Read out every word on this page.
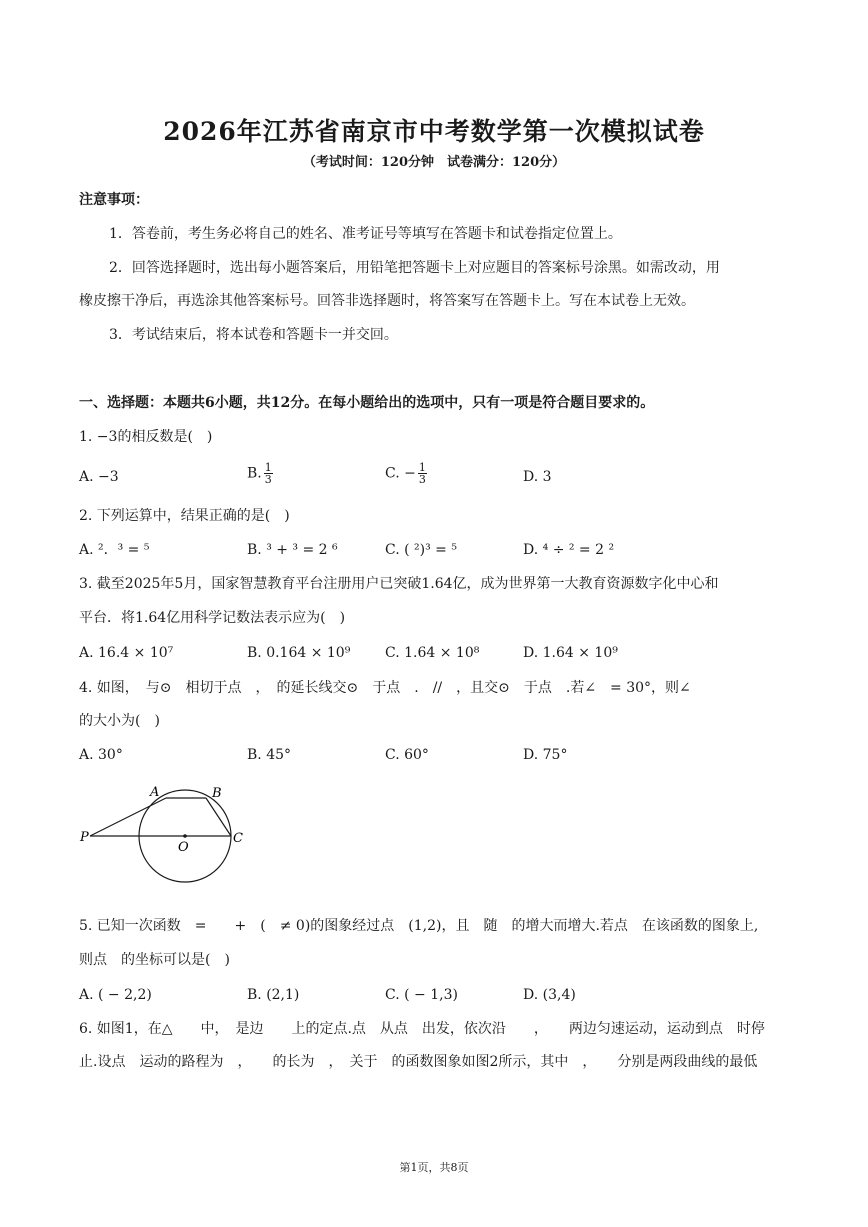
2026年江苏省南京市中考数学第一次模拟试卷
（考试时间：120分钟　试卷满分：120分）
注意事项：
1．答卷前，考生务必将自己的姓名、准考证号等填写在答题卡和试卷指定位置上。
2．回答选择题时，选出每小题答案后，用铅笔把答题卡上对应题目的答案标号涂黑。如需改动，用
橡皮擦干净后，再选涂其他答案标号。回答非选择题时，将答案写在答题卡上。写在本试卷上无效。
3．考试结束后，将本试卷和答题卡一并交回。
一、选择题：本题共6小题，共12分。在每小题给出的选项中，只有一项是符合题目要求的。
1. −3的相反数是(　)
A. −3	B. $\frac{1}{3}$	C. − $\frac{1}{3}$	D. 3
2. 下列运算中，结果正确的是(　)
A. ²．³ = ⁵	B. ³ + ³ = 2 ⁶	C. ( ²)³ = ⁵	D. ⁴ ÷ ² = 2 ²
3. 截至2025年5月，国家智慧教育平台注册用户已突破1.64亿，成为世界第一大教育资源数字化中心和
平台．将1.64亿用科学记数法表示应为(　)
A. 16.4 × 10⁷	B. 0.164 × 10⁹ C. 1.64 × 10⁸	D. 1.64 × 10⁹
4. 如图，　与⊙　相切于点　，　的延长线交⊙　于点　.　//　，且交⊙　于点　.若∠　= 30°，则∠
的大小为(　)
A. 30°	B. 45°	C. 60°	D. 75°
A	B
P
O
C
5. 已知一次函数　=　　+　(　≠ 0)的图象经过点　(1,2)，且　随　的增大而增大.若点　在该函数的图象上,
则点　的坐标可以是(　)
A. ( − 2,2)	B. (2,1)	C. ( − 1,3)	D. (3,4)
6. 如图1，在△　　中，　是边　　上的定点.点　从点　出发，依次沿　　，　　两边匀速运动，运动到点　时停
止.设点　运动的路程为　，　　的长为　，　关于　的函数图象如图2所示，其中　，　　分别是两段曲线的最低
第1页，共8页
